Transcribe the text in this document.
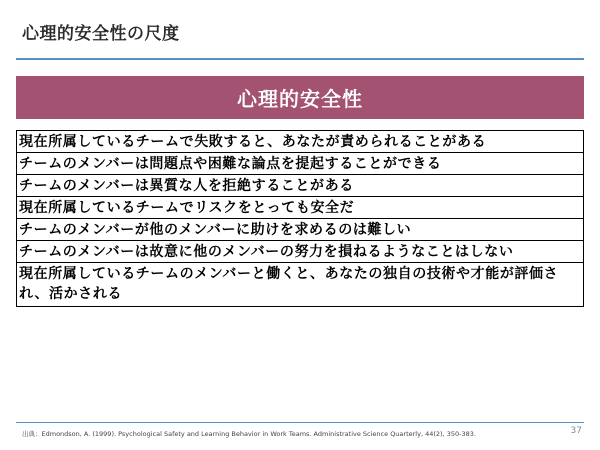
心理的安全性の尺度
心理的安全性
現在所属しているチームで失敗すると、あなたが責められることがある
チームのメンバーは問題点や困難な論点を提起することができる
チームのメンバーは異質な人を拒絶することがある
現在所属しているチームでリスクをとっても安全だ
チームのメンバーが他のメンバーに助けを求めるのは難しい
チームのメンバーは故意に他のメンバーの努力を損ねるようなことはしない
現在所属しているチームのメンバーと働くと、あなたの独自の技術や才能が評価され、活かされる
出典：Edmondson, A. (1999). Psychological Safety and Learning Behavior in Work Teams. Administrative Science Quarterly, 44(2), 350-383.	37
